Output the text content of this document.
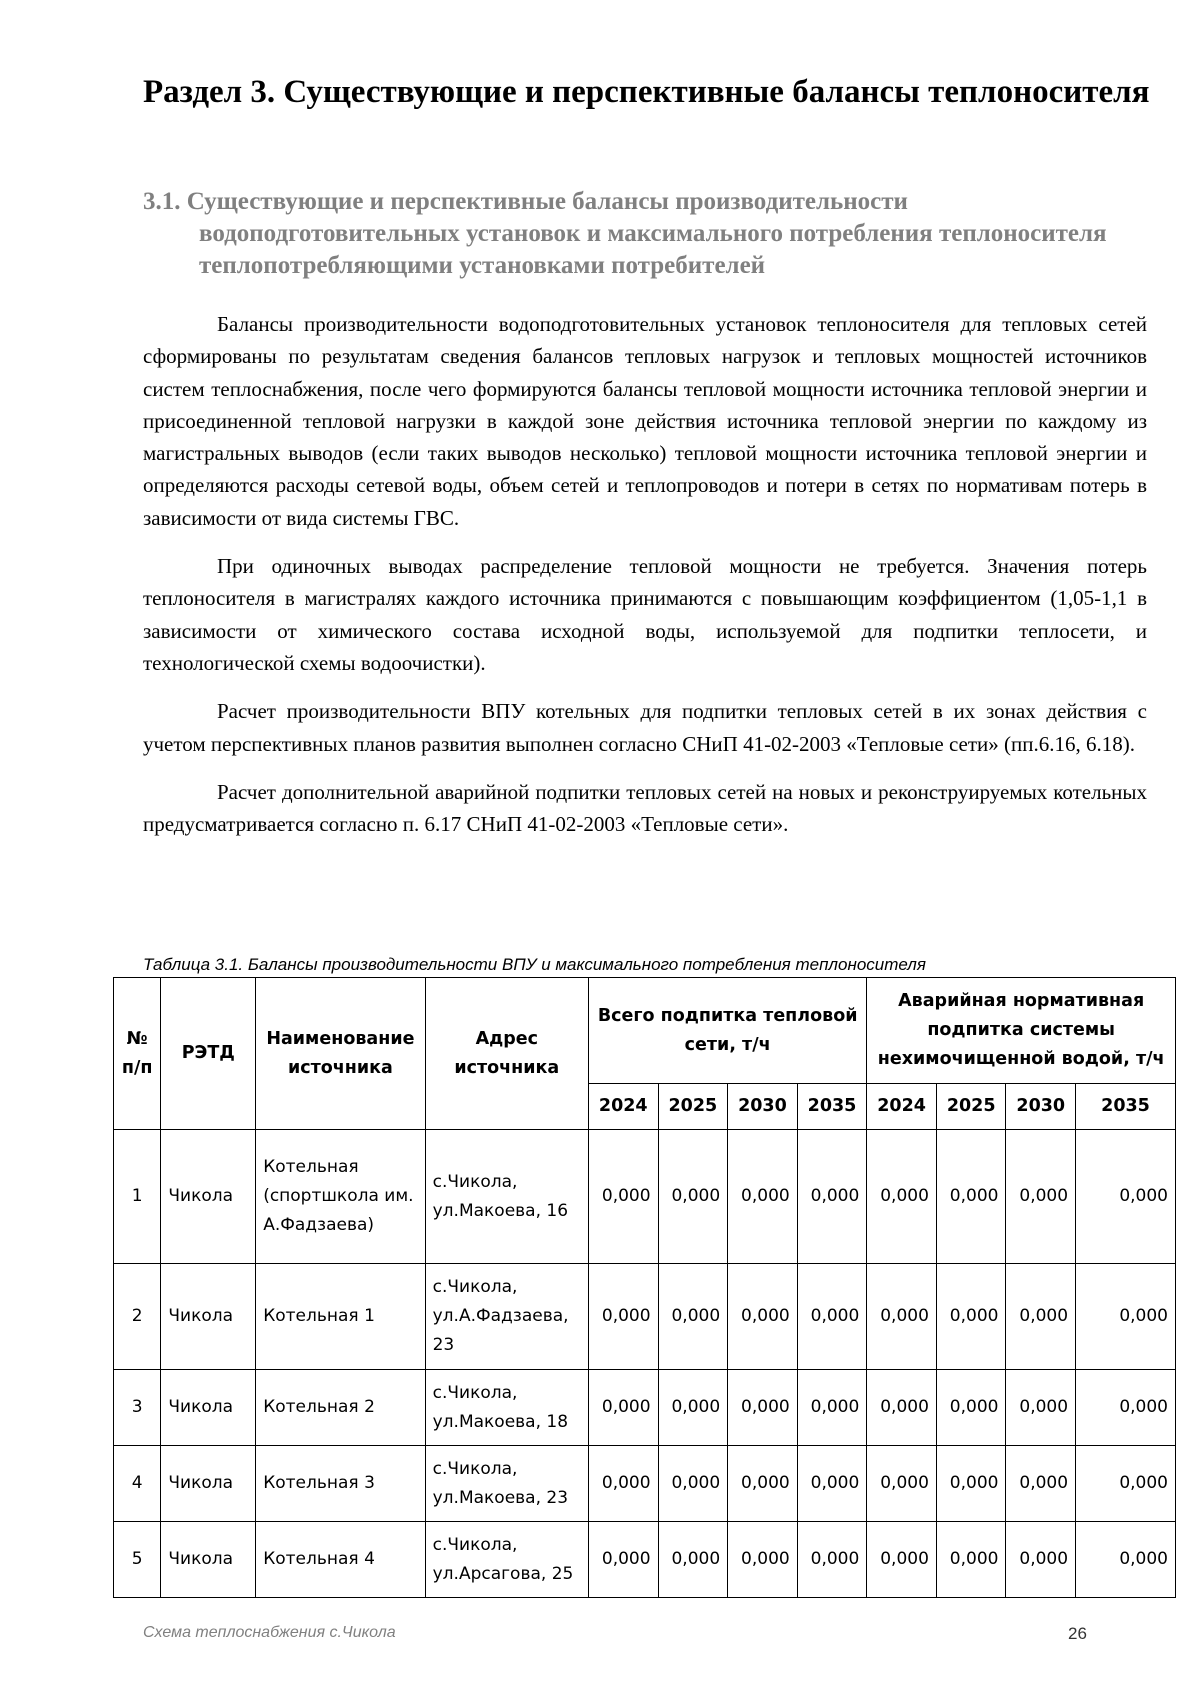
Раздел 3. Существующие и перспективные балансы теплоносителя
3.1. Существующие и перспективные балансы производительности водоподготовительных установок и максимального потребления теплоносителя теплопотребляющими установками потребителей

Балансы производительности водоподготовительных установок теплоносителя для тепловых сетей сформированы по результатам сведения балансов тепловых нагрузок и тепловых мощностей источников систем теплоснабжения, после чего формируются балансы тепловой мощности источника тепловой энергии и присоединенной тепловой нагрузки в каждой зоне действия источника тепловой энергии по каждому из магистральных выводов (если таких выводов несколько) тепловой мощности источника тепловой энергии и определяются расходы сетевой воды, объем сетей и теплопроводов и потери в сетях по нормативам потерь в зависимости от вида системы ГВС.

При одиночных выводах распределение тепловой мощности не требуется. Значения потерь теплоносителя в магистралях каждого источника принимаются с повышающим коэффициентом (1,05-1,1 в зависимости от химического состава исходной воды, используемой для подпитки теплосети, и технологической схемы водоочистки).

Расчет производительности ВПУ котельных для подпитки тепловых сетей в их зонах действия с учетом перспективных планов развития выполнен согласно СНиП 41-02-2003 «Тепловые сети» (пп.6.16, 6.18).

Расчет дополнительной аварийной подпитки тепловых сетей на новых и реконструируемых котельных предусматривается согласно п. 6.17 СНиП 41-02-2003 «Тепловые сети».

Таблица 3.1. Балансы производительности ВПУ и максимального потребления теплоносителя
№ п/п	РЭТД	Наименование источника	Адрес источника	Всего подпитка тепловой сети, т/ч				Аварийная нормативная подпитка системы нехимочищенной водой, т/ч			
				2024	2025	2030	2035	2024	2025	2030	2035
1	Чикола	Котельная (спортшкола им. А.Фадзаева)	с.Чикола, ул.Макоева, 16	0,000	0,000	0,000	0,000	0,000	0,000	0,000	0,000
2	Чикола	Котельная 1	с.Чикола, ул.А.Фадзаева, 23	0,000	0,000	0,000	0,000	0,000	0,000	0,000	0,000
3	Чикола	Котельная 2	с.Чикола, ул.Макоева, 18	0,000	0,000	0,000	0,000	0,000	0,000	0,000	0,000
4	Чикола	Котельная 3	с.Чикола, ул.Макоева, 23	0,000	0,000	0,000	0,000	0,000	0,000	0,000	0,000
5	Чикола	Котельная 4	с.Чикола, ул.Арсагова, 25	0,000	0,000	0,000	0,000	0,000	0,000	0,000	0,000
Схема теплоснабжения с.Чикола	26
